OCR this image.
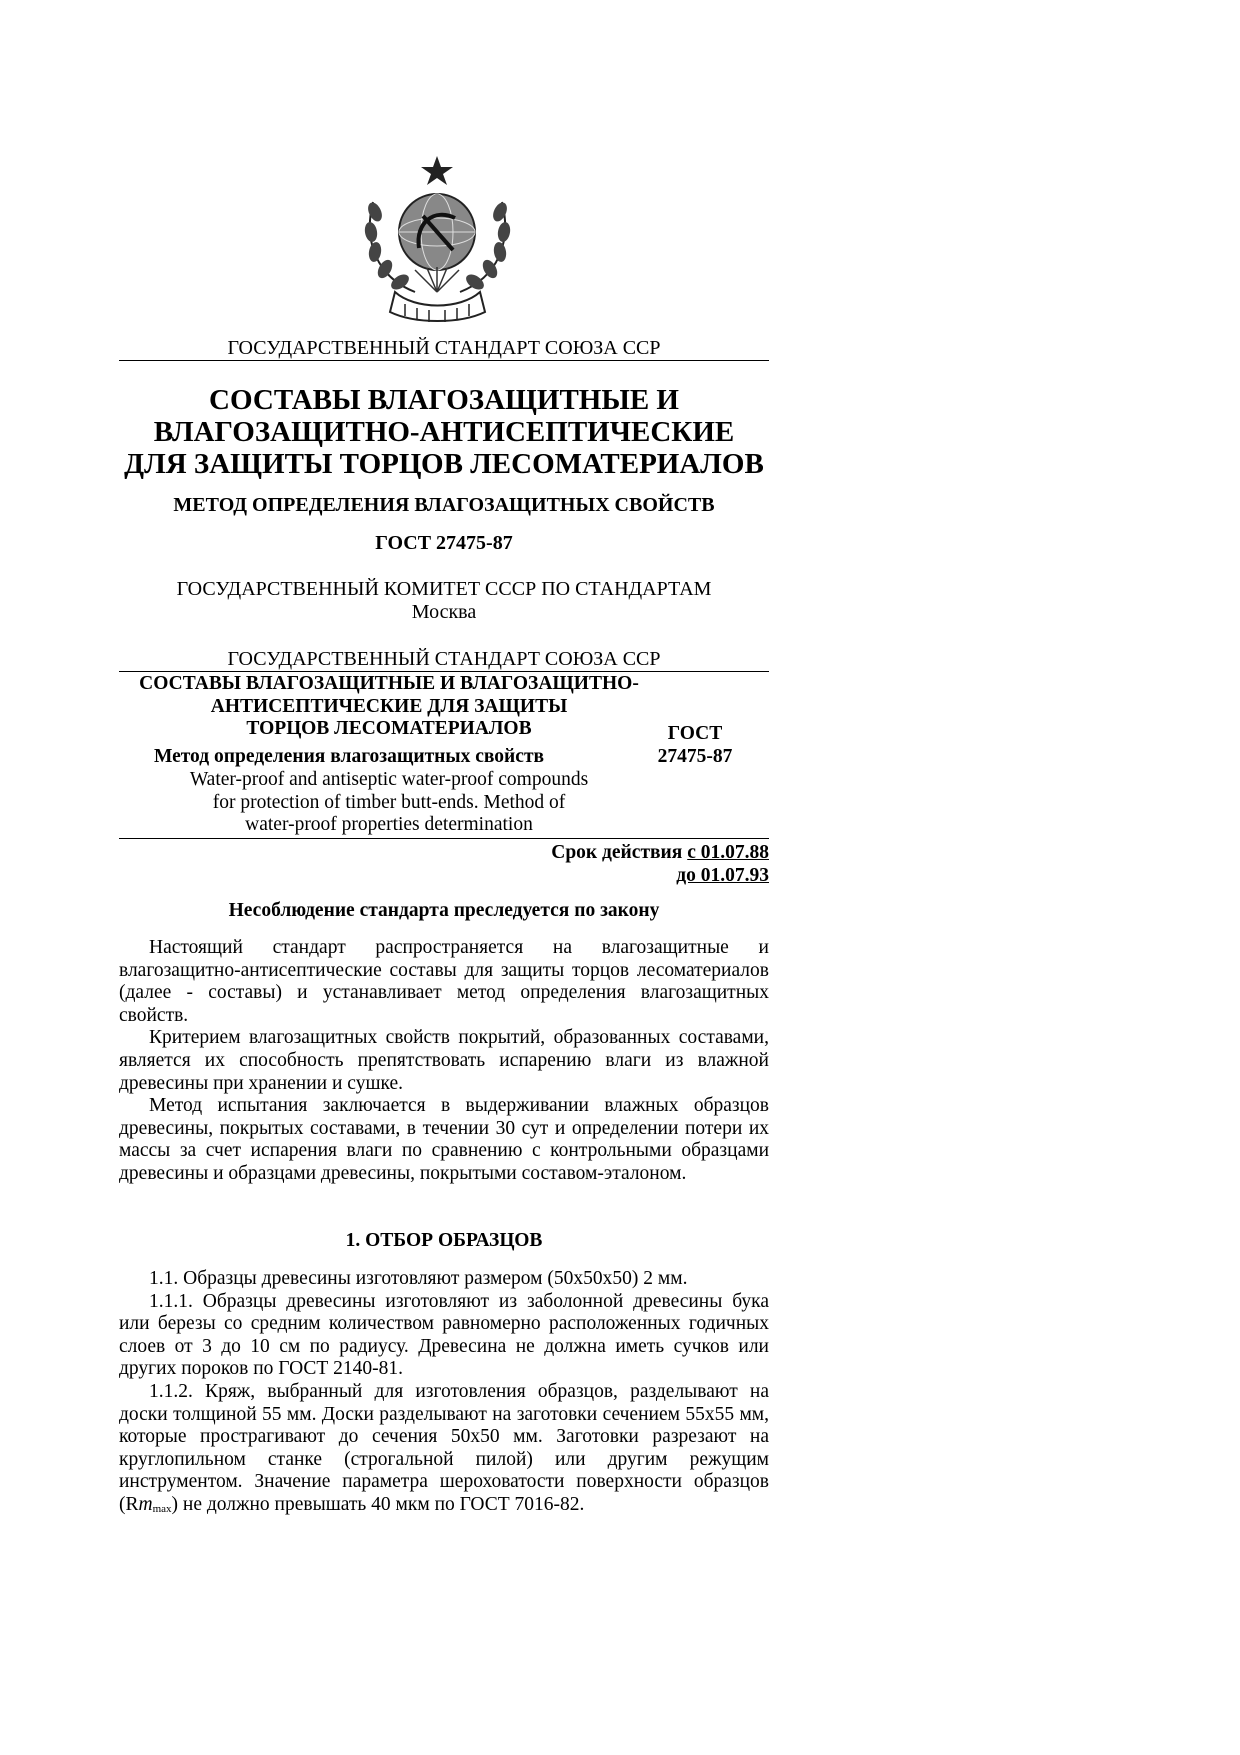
ГОСУДАРСТВЕННЫЙ СТАНДАРТ СОЮЗА ССР
СОСТАВЫ ВЛАГОЗАЩИТНЫЕ И
ВЛАГОЗАЩИТНО-АНТИСЕПТИЧЕСКИЕ
ДЛЯ ЗАЩИТЫ ТОРЦОВ ЛЕСОМАТЕРИАЛОВ
МЕТОД ОПРЕДЕЛЕНИЯ ВЛАГОЗАЩИТНЫХ СВОЙСТВ
ГОСТ 27475-87
ГОСУДАРСТВЕННЫЙ КОМИТЕТ СССР ПО СТАНДАРТАМ
Москва
ГОСУДАРСТВЕННЫЙ СТАНДАРТ СОЮЗА ССР
СОСТАВЫ ВЛАГОЗАЩИТНЫЕ И ВЛАГОЗАЩИТНО-
АНТИСЕПТИЧЕСКИЕ ДЛЯ ЗАЩИТЫ
ТОРЦОВ ЛЕСОМАТЕРИАЛОВ
Метод определения влагозащитных свойств
Water-proof and antiseptic water-proof compounds
for protection of timber butt-ends. Method of
water-proof properties determination
ГОСТ
27475-87
Срок действия с 01.07.88
до 01.07.93
Несоблюдение стандарта преследуется по закону

Настоящий стандарт распространяется на влагозащитные и влагозащитно-антисептические составы для защиты торцов лесоматериалов (далее - составы) и устанавливает метод определения влагозащитных свойств.

Критерием влагозащитных свойств покрытий, образованных составами, является их способность препятствовать испарению влаги из влажной древесины при хранении и сушке.

Метод испытания заключается в выдерживании влажных образцов древесины, покрытых составами, в течении 30 сут и определении потери их массы за счет испарения влаги по сравнению с контрольными образцами древесины и образцами древесины, покрытыми составом-эталоном.

1. ОТБОР ОБРАЗЦОВ

1.1. Образцы древесины изготовляют размером (50х50х50) 2 мм.

1.1.1. Образцы древесины изготовляют из заболонной древесины бука или березы со средним количеством равномерно расположенных годичных слоев от 3 до 10 см по радиусу. Древесина не должна иметь сучков или других пороков по ГОСТ 2140-81.

1.1.2. Кряж, выбранный для изготовления образцов, разделывают на доски толщиной 55 мм. Доски разделывают на заготовки сечением 55х55 мм, которые прострагивают до сечения 50х50 мм. Заготовки разрезают на круглопильном станке (строгальной пилой) или другим режущим инструментом. Значение параметра шероховатости поверхности образцов $(Rm_{max})$ не должно превышать 40 мкм по ГОСТ 7016-82.
